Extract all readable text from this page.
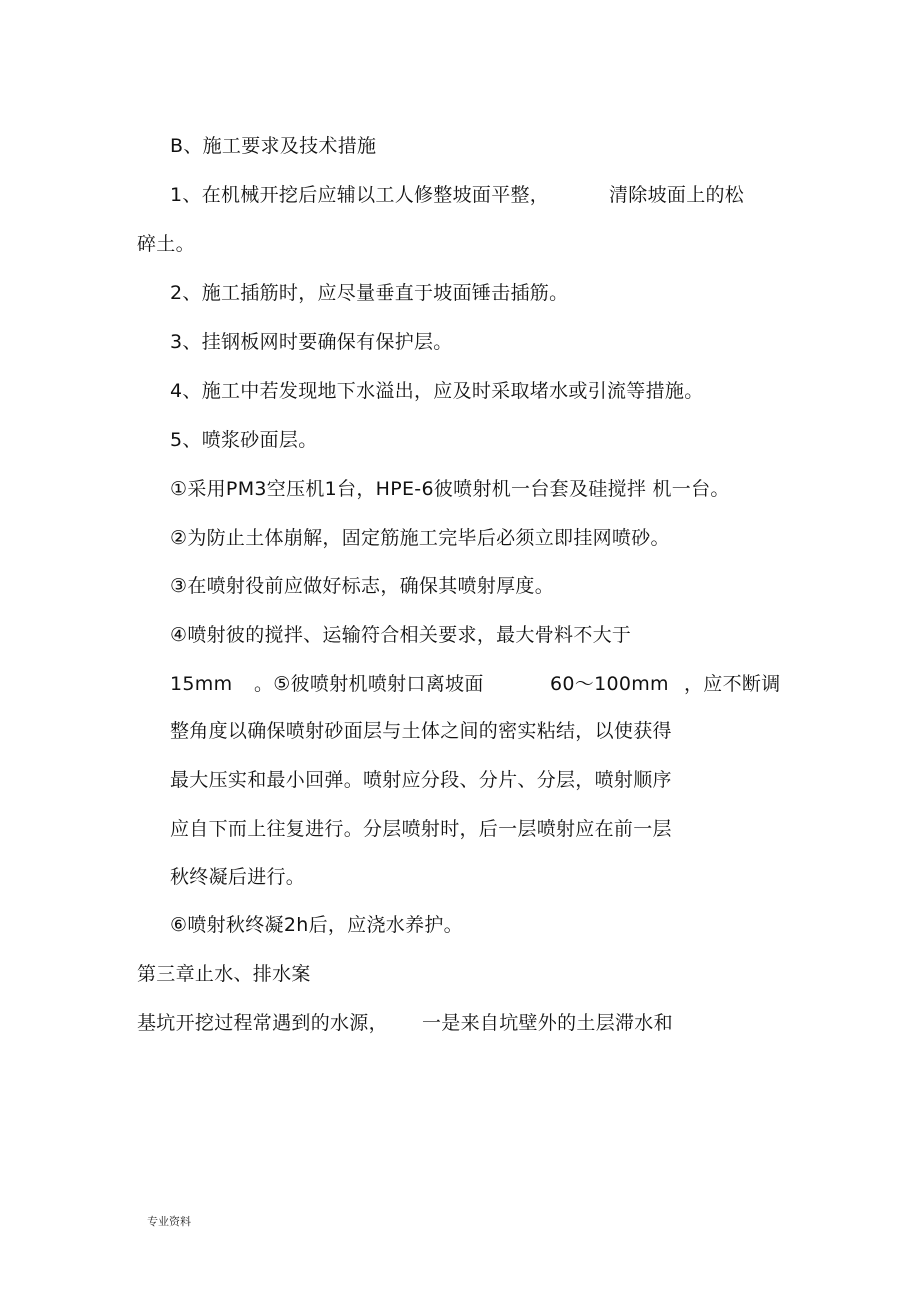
B、施工要求及技术措施
1、在机械开挖后应辅以工人修整坡面平整，	清除坡面上的松
碎土。
2、施工插筋时，应尽量垂直于坡面锤击插筋。
3、挂钢板网时要确保有保护层。
4、施工中若发现地下水溢出，应及时采取堵水或引流等措施。
5、喷浆砂面层。
①采用PM3空压机1台，HPE-6彼喷射机一台套及硅搅拌 机一台。
②为防止土体崩解，固定筋施工完毕后必须立即挂网喷砂。
③在喷射役前应做好标志，确保其喷射厚度。
④喷射彼的搅拌、运输符合相关要求，最大骨料不大于
15mm 。⑤彼喷射机喷射口离坡面	60～100mm ，应不断调
整角度以确保喷射砂面层与土体之间的密实粘结，以使获得
最大压实和最小回弹。喷射应分段、分片、分层，喷射顺序
应自下而上往复进行。分层喷射时，后一层喷射应在前一层
秋终凝后进行。
⑥喷射秋终凝2h后，应浇水养护。
第三章止水、排水案
基坑开挖过程常遇到的水源， 一是来自坑壁外的土层滞水和
专业资料
